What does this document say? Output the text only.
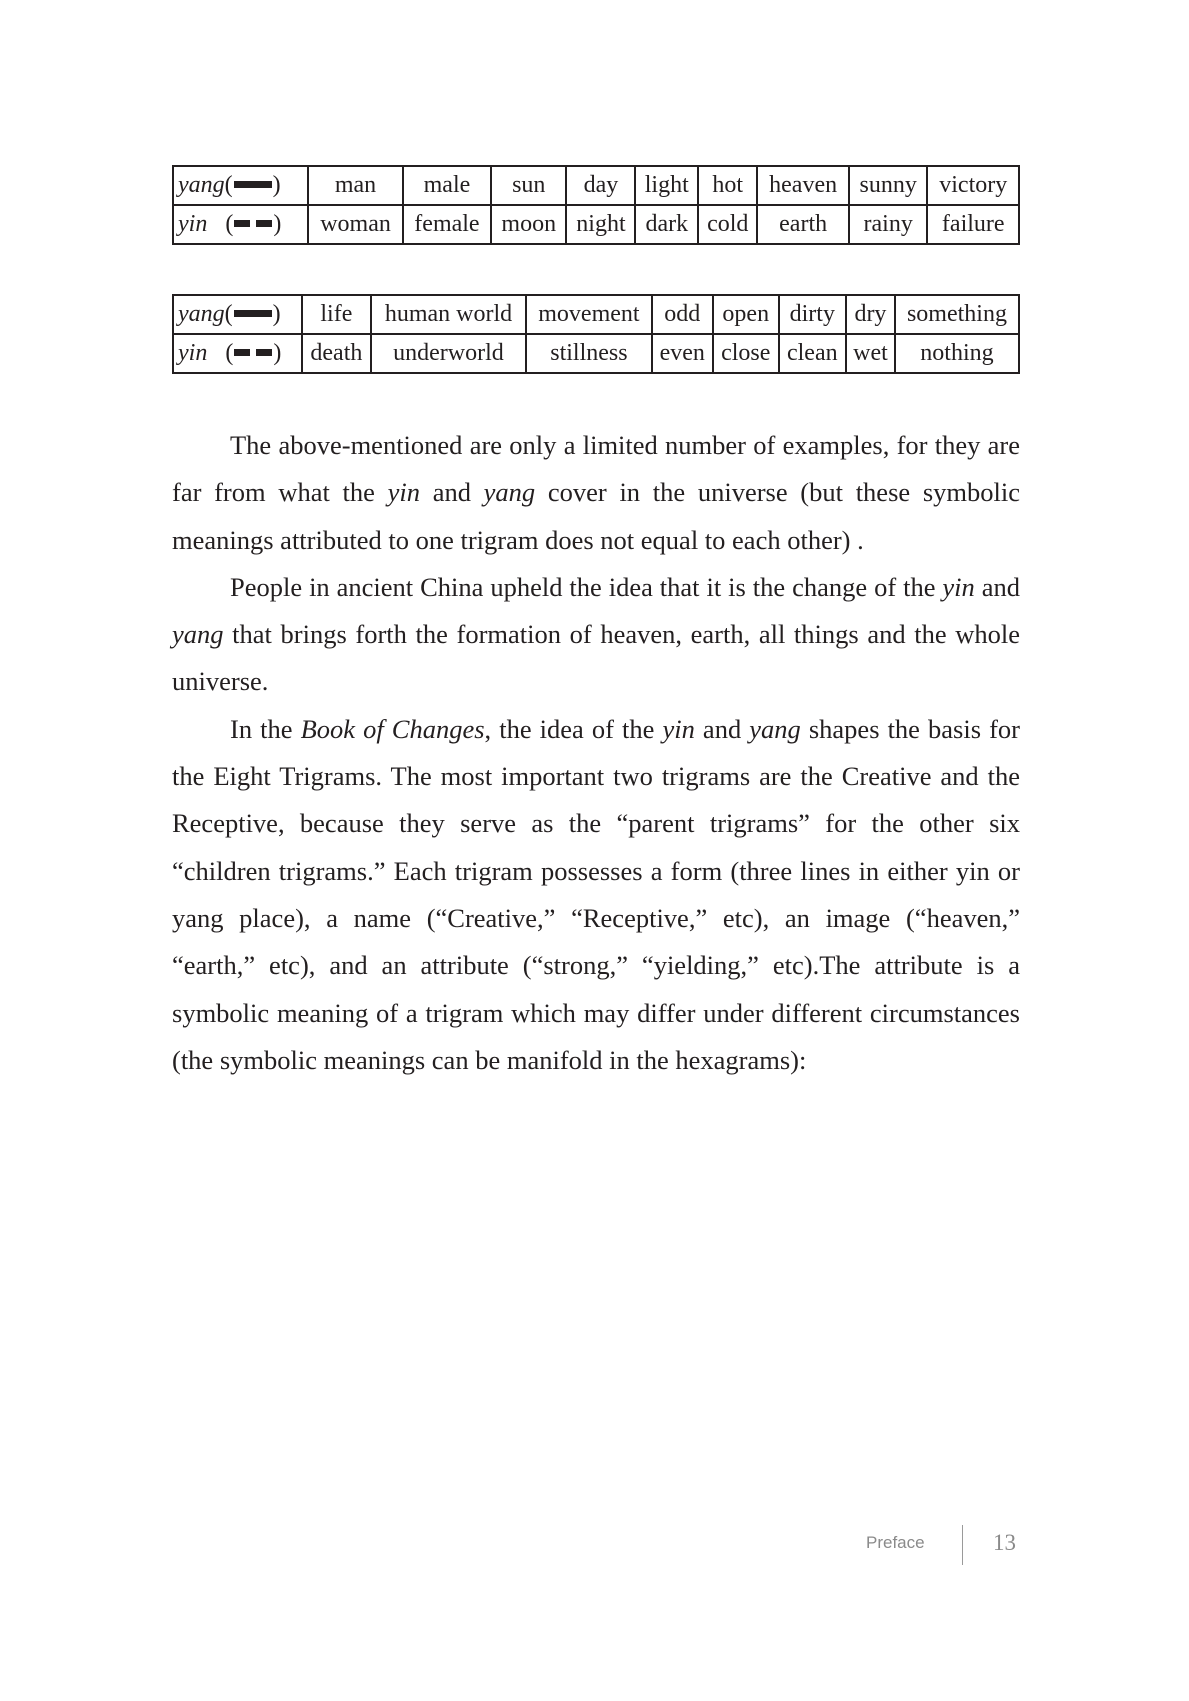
yang( )	man	male	sun	day	light	hot	heaven	sunny	victory
yin ( )	woman	female	moon	night	dark	cold	earth	rainy	failure
yang( )	life	human world	movement	odd	open	dirty	dry	something
yin ( )	death	underworld	stillness	even	close	clean	wet	nothing

The above-mentioned are only a limited number of examples, for they are far from what the yin and yang cover in the universe (but these symbolic meanings attributed to one trigram does not equal to each other) .

People in ancient China upheld the idea that it is the change of the yin and yang that brings forth the formation of heaven, earth, all things and the whole universe.

In the Book of Changes, the idea of the yin and yang shapes the basis for the Eight Trigrams. The most important two trigrams are the Creative and the Receptive, because they serve as the “parent trigrams” for the other six “children trigrams.” Each trigram possesses a form (three lines in either yin or yang place), a name (“Creative,” “Receptive,” etc), an image (“heaven,” “earth,” etc), and an attribute (“strong,” “yielding,” etc).The attribute is a symbolic meaning of a trigram which may differ under different circumstances (the symbolic meanings can be manifold in the hexagrams):

Preface	13
